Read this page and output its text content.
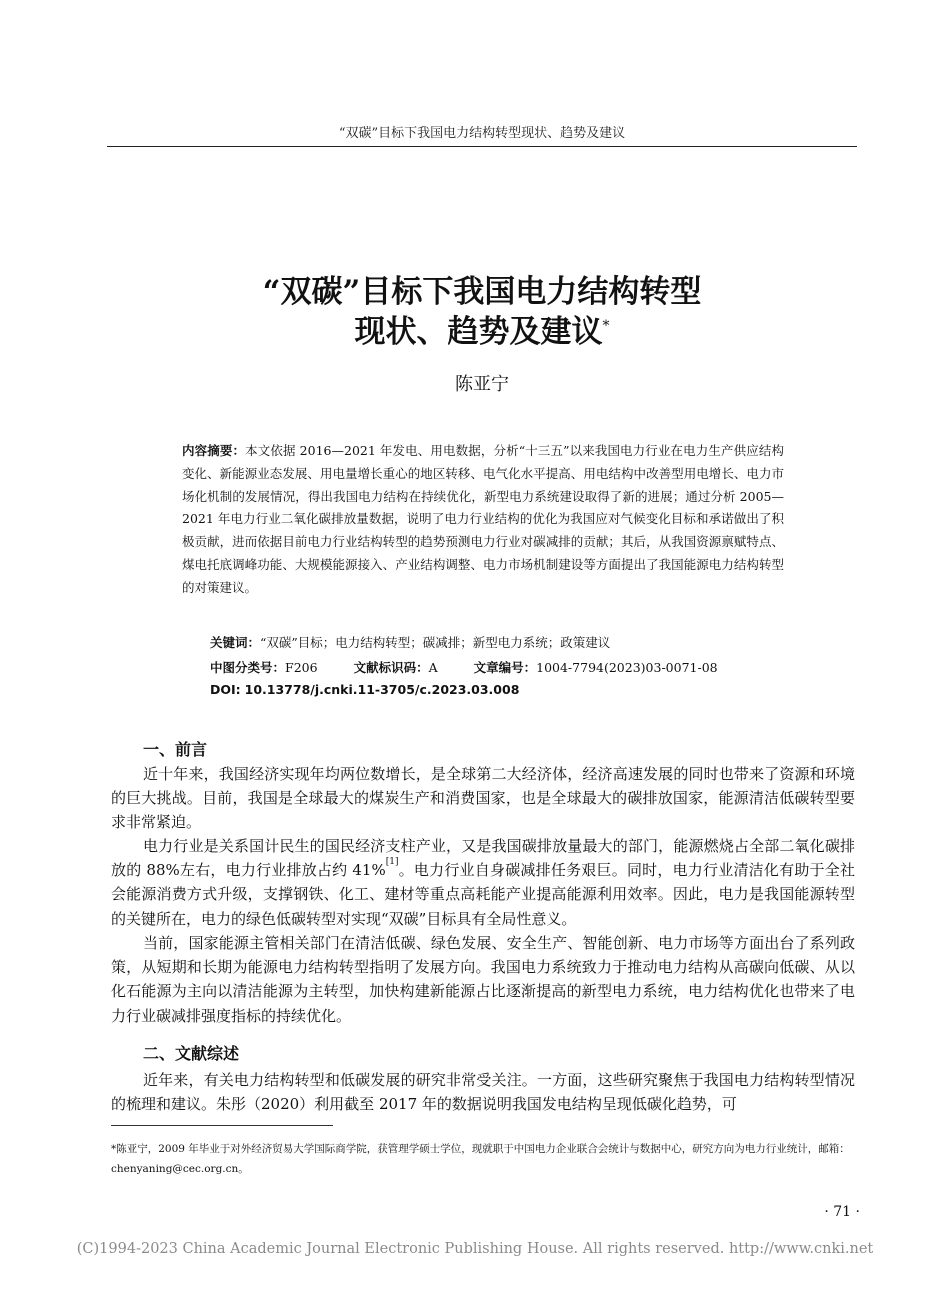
“双碳”目标下我国电力结构转型现状、趋势及建议
“双碳”目标下我国电力结构转型
现状、趋势及建议*
陈亚宁
内容摘要：本文依据 2016—2021 年发电、用电数据，分析“十三五”以来我国电力行业在电力生产供应结构变化、新能源业态发展、用电量增长重心的地区转移、电气化水平提高、用电结构中改善型用电增长、电力市场化机制的发展情况，得出我国电力结构在持续优化，新型电力系统建设取得了新的进展；通过分析 2005—2021 年电力行业二氧化碳排放量数据，说明了电力行业结构的优化为我国应对气候变化目标和承诺做出了积极贡献，进而依据目前电力行业结构转型的趋势预测电力行业对碳减排的贡献；其后，从我国资源禀赋特点、煤电托底调峰功能、大规模能源接入、产业结构调整、电力市场机制建设等方面提出了我国能源电力结构转型的对策建议。
关键词：“双碳”目标；电力结构转型；碳减排；新型电力系统；政策建议
中图分类号：F206	文献标识码：A	文章编号：1004-7794(2023)03-0071-08
DOI: 10.13778/j.cnki.11-3705/c.2023.03.008
一、前言
近十年来，我国经济实现年均两位数增长，是全球第二大经济体，经济高速发展的同时也带来了资源和环境的巨大挑战。目前，我国是全球最大的煤炭生产和消费国家，也是全球最大的碳排放国家，能源清洁低碳转型要求非常紧迫。
电力行业是关系国计民生的国民经济支柱产业，又是我国碳排放量最大的部门，能源燃烧占全部二氧化碳排放的 88%左右，电力行业排放占约 41%[1]。电力行业自身碳减排任务艰巨。同时，电力行业清洁化有助于全社会能源消费方式升级，支撑钢铁、化工、建材等重点高耗能产业提高能源利用效率。因此，电力是我国能源转型的关键所在，电力的绿色低碳转型对实现“双碳”目标具有全局性意义。
当前，国家能源主管相关部门在清洁低碳、绿色发展、安全生产、智能创新、电力市场等方面出台了系列政策，从短期和长期为能源电力结构转型指明了发展方向。我国电力系统致力于推动电力结构从高碳向低碳、从以化石能源为主向以清洁能源为主转型，加快构建新能源占比逐渐提高的新型电力系统，电力结构优化也带来了电力行业碳减排强度指标的持续优化。
二、文献综述
近年来，有关电力结构转型和低碳发展的研究非常受关注。一方面，这些研究聚焦于我国电力结构转型情况的梳理和建议。朱彤（2020）利用截至 2017 年的数据说明我国发电结构呈现低碳化趋势，可
*陈亚宁，2009 年毕业于对外经济贸易大学国际商学院，获管理学硕士学位，现就职于中国电力企业联合会统计与数据中心，研究方向为电力行业统计，邮箱：chenyaning@cec.org.cn。
· 71 ·
(C)1994-2023 China Academic Journal Electronic Publishing House. All rights reserved. http://www.cnki.net
